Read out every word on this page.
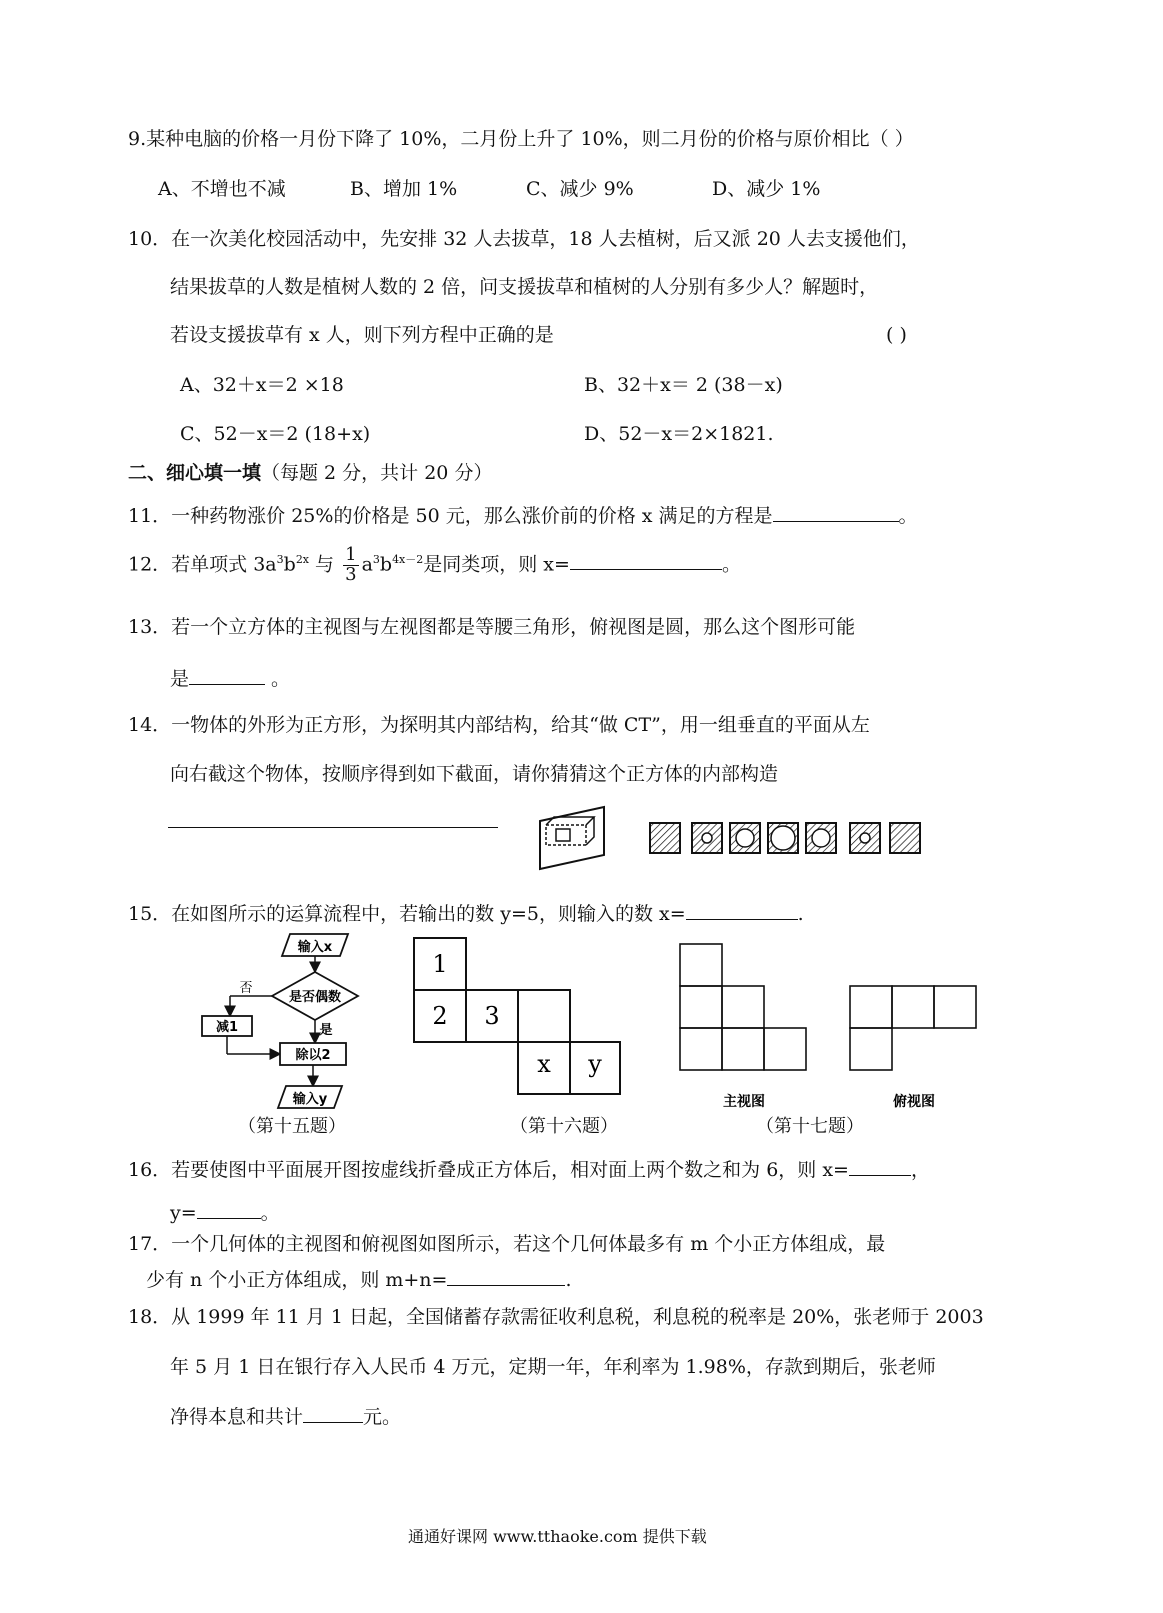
9.某种电脑的价格一月份下降了 10%，二月份上升了 10%，则二月份的价格与原价相比（ ）
A、不增也不减	B、增加 1%	C、减少 9%	D、减少 1%
10．在一次美化校园活动中，先安排 32 人去拔草，18 人去植树，后又派 20 人去支援他们，
结果拔草的人数是植树人数的 2 倍，问支援拔草和植树的人分别有多少人？解题时，
若设支援拔草有 x 人，则下列方程中正确的是	( )
A、32＋x＝2 ×18	B、32＋x＝ 2 (38－x)
C、52－x＝2 (18+x)	D、52－x＝2×1821.
二、细心填一填（每题 2 分，共计 20 分）
11．一种药物涨价 25%的价格是 50 元，那么涨价前的价格 x 满足的方程是	。
12．若单项式 $3a^3b^{2x}$ 与 $\frac{1}{3} a^3b^{4x-2}$是同类项，则 x=	。
13．若一个立方体的主视图与左视图都是等腰三角形，俯视图是圆，那么这个图形可能
是	。
14．一物体的外形为正方形，为探明其内部结构，给其“做 CT”，用一组垂直的平面从左
向右截这个物体，按顺序得到如下截面，请你猜猜这个正方体的内部构造
15．在如图所示的运算流程中，若输出的数 y=5，则输入的数 x=	.
输入x
是否偶数
否
减1	是
除以2
输入y
1
2 3
x y
主视图	俯视图
（第十五题）	（第十六题）	（第十七题）
16．若要使图中平面展开图按虚线折叠成正方体后，相对面上两个数之和为 6，则 x=	，
y=	。
17．一个几何体的主视图和俯视图如图所示，若这个几何体最多有 m 个小正方体组成，最
少有 n 个小正方体组成，则 m+n=	.
18．从 1999 年 11 月 1 日起，全国储蓄存款需征收利息税，利息税的税率是 20%，张老师于 2003
年 5 月 1 日在银行存入人民币 4 万元，定期一年，年利率为 1.98%，存款到期后，张老师
净得本息和共计	元。
通通好课网 www.tthaoke.com 提供下载
